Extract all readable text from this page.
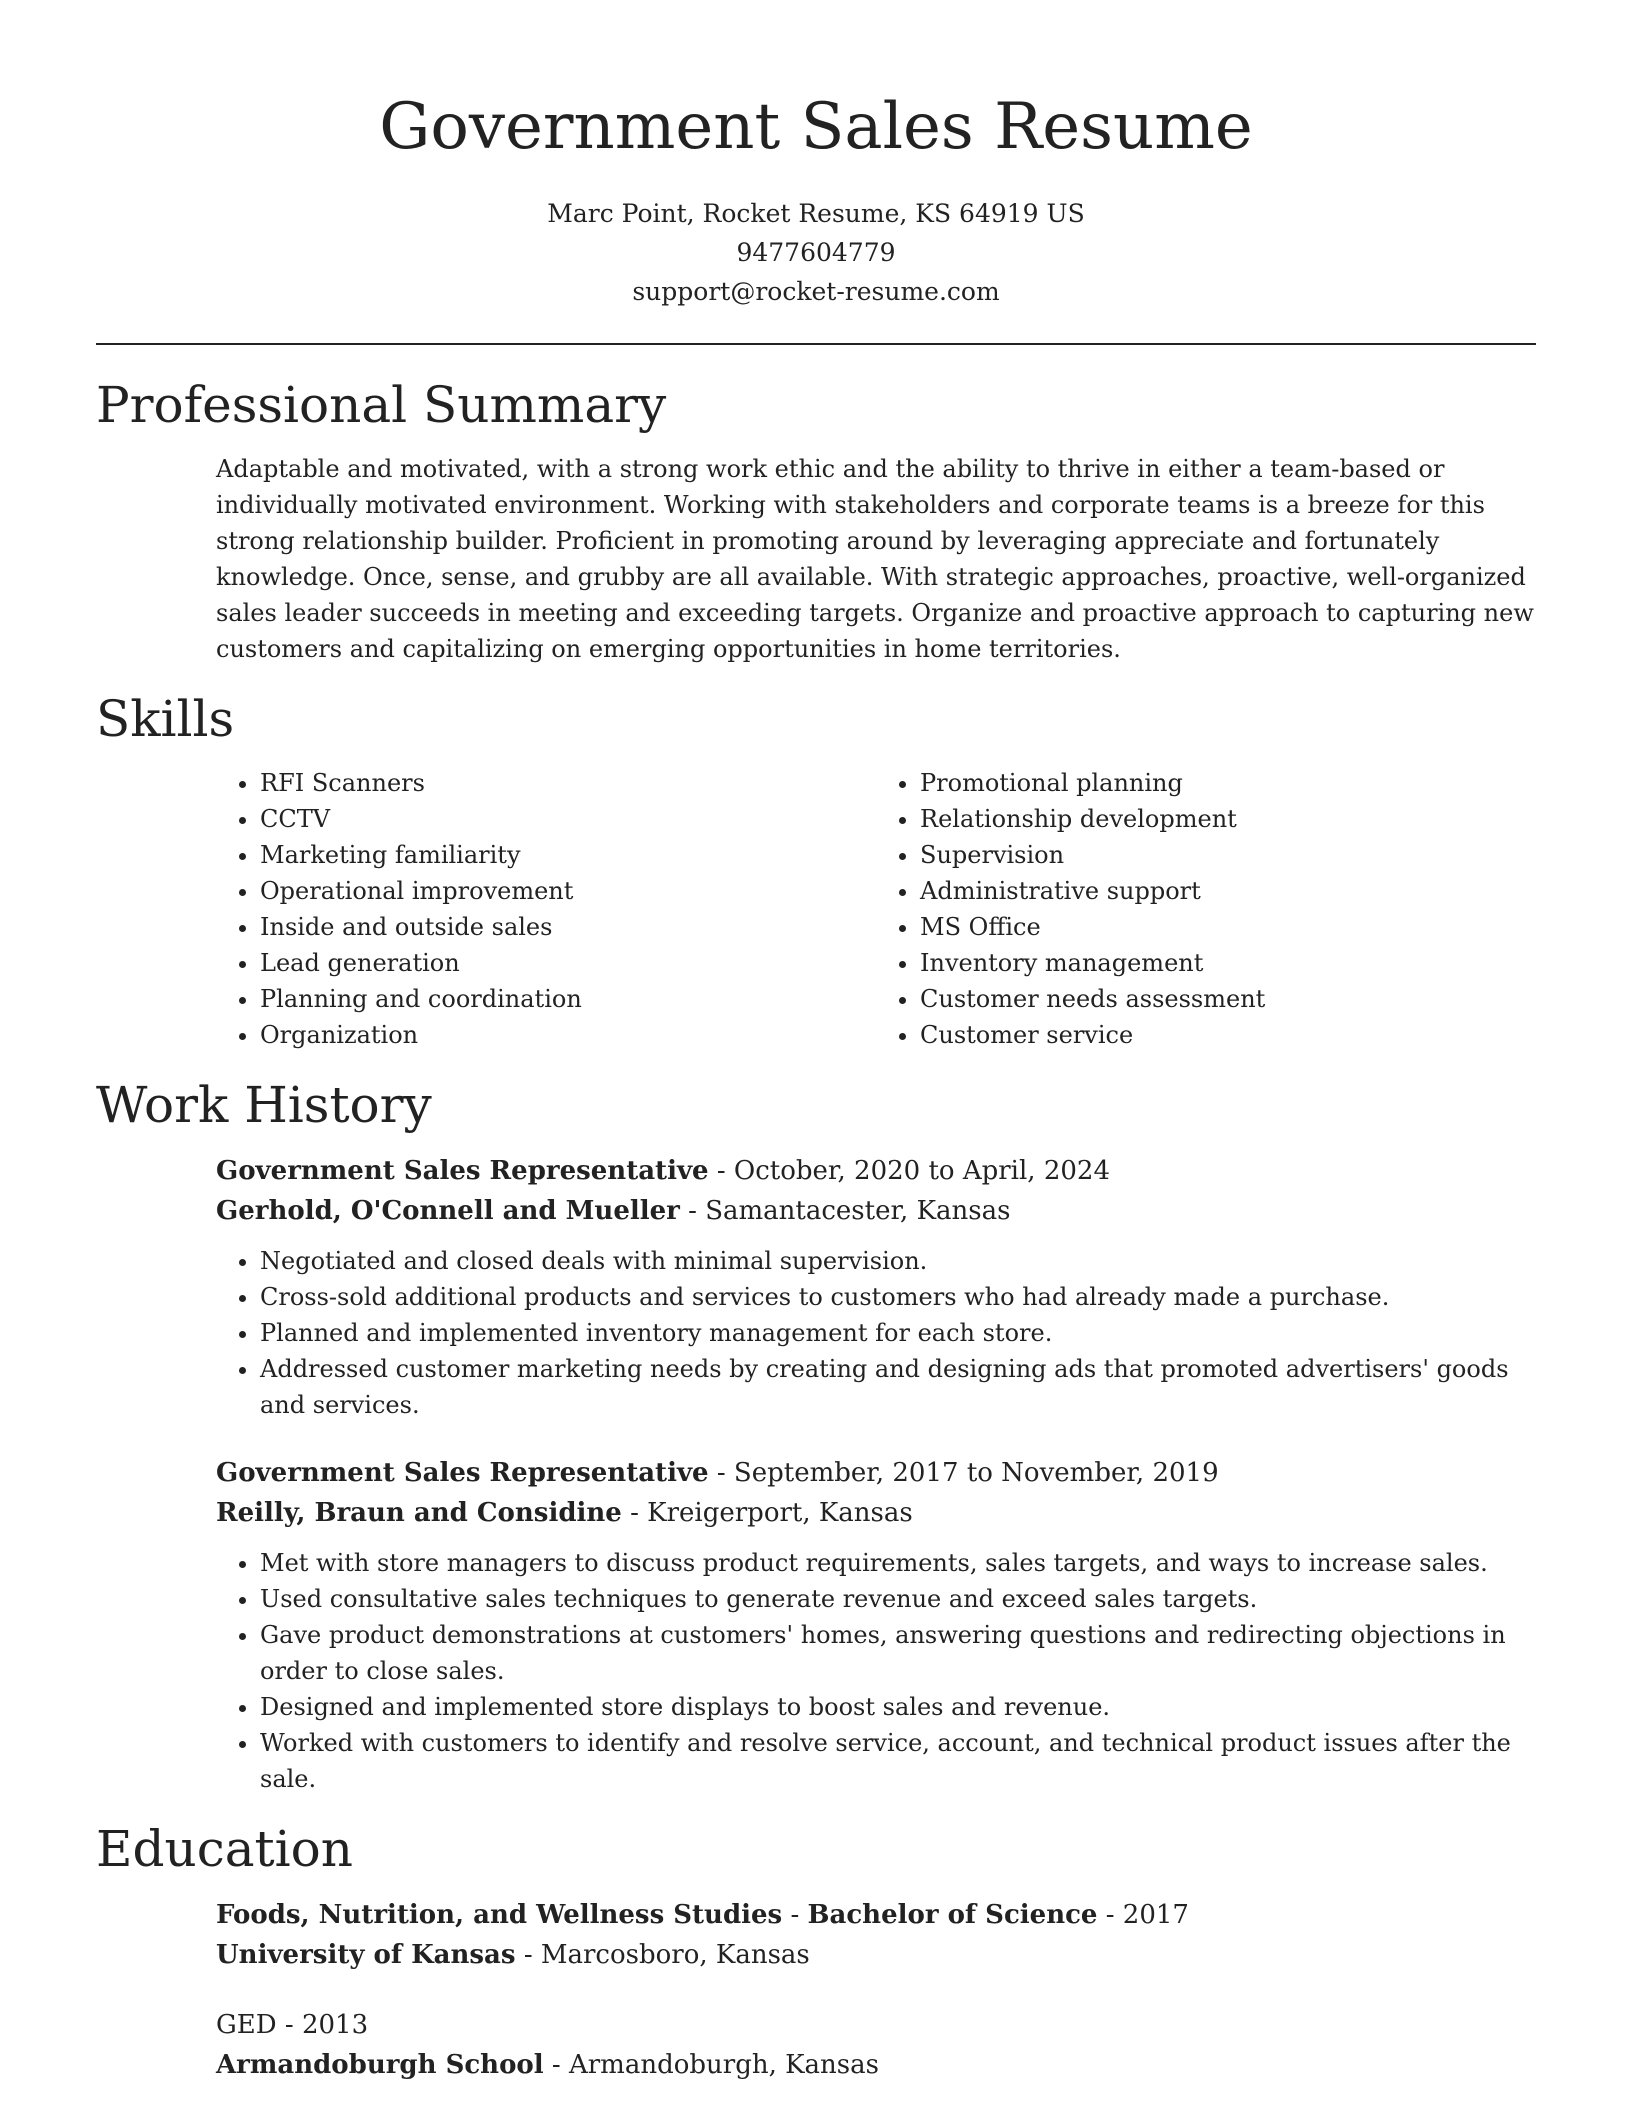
Government Sales Resume
Marc Point, Rocket Resume, KS 64919 US
9477604779
support@rocket-resume.com
Professional Summary
Adaptable and motivated, with a strong work ethic and the ability to thrive in either a team-based or individually motivated environment. Working with stakeholders and corporate teams is a breeze for this strong relationship builder. Proficient in promoting around by leveraging appreciate and fortunately knowledge. Once, sense, and grubby are all available. With strategic approaches, proactive, well-organized sales leader succeeds in meeting and exceeding targets. Organize and proactive approach to capturing new customers and capitalizing on emerging opportunities in home territories.
Skills
• RFI Scanners
• CCTV
• Marketing familiarity
• Operational improvement
• Inside and outside sales
• Lead generation
• Planning and coordination
• Organization
• Promotional planning
• Relationship development
• Supervision
• Administrative support
• MS Office
• Inventory management
• Customer needs assessment
• Customer service
Work History
Government Sales Representative - October, 2020 to April, 2024
Gerhold, O'Connell and Mueller - Samantacester, Kansas
• Negotiated and closed deals with minimal supervision.
• Cross-sold additional products and services to customers who had already made a purchase.
• Planned and implemented inventory management for each store.
• Addressed customer marketing needs by creating and designing ads that promoted advertisers' goods and services.
Government Sales Representative - September, 2017 to November, 2019
Reilly, Braun and Considine - Kreigerport, Kansas
• Met with store managers to discuss product requirements, sales targets, and ways to increase sales.
• Used consultative sales techniques to generate revenue and exceed sales targets.
• Gave product demonstrations at customers' homes, answering questions and redirecting objections in order to close sales.
• Designed and implemented store displays to boost sales and revenue.
• Worked with customers to identify and resolve service, account, and technical product issues after the sale.
Education
Foods, Nutrition, and Wellness Studies - Bachelor of Science - 2017
University of Kansas - Marcosboro, Kansas
GED - 2013
Armandoburgh School - Armandoburgh, Kansas
